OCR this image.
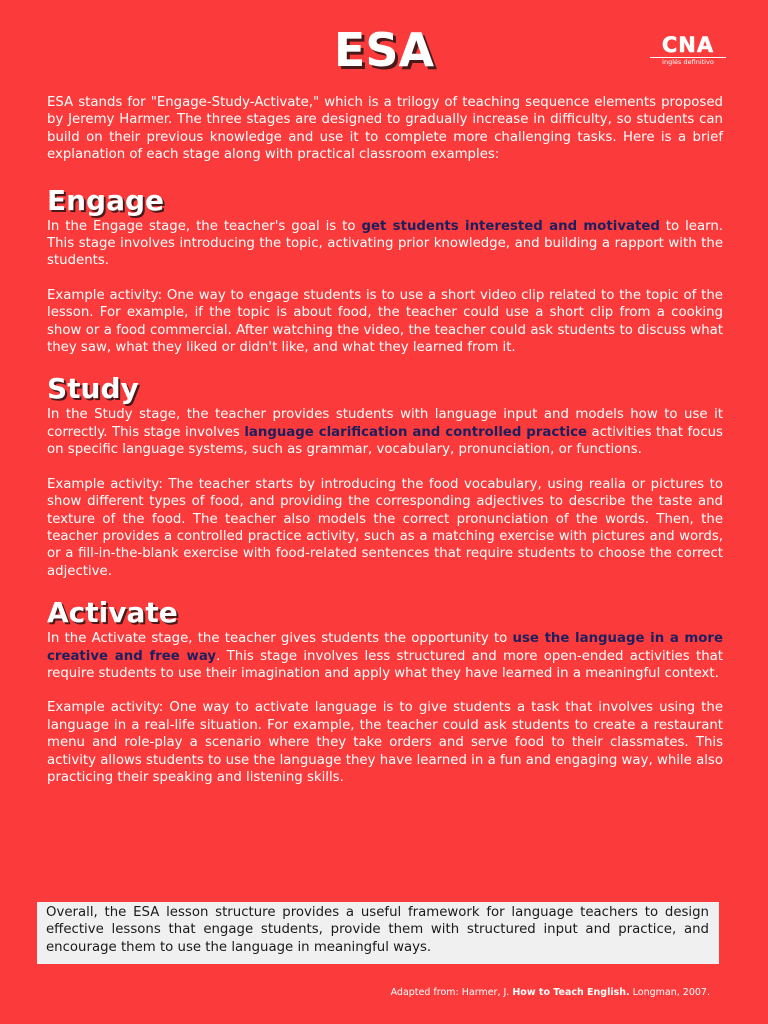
ESA	CNA
inglés definitivo

ESA stands for "Engage-Study-Activate," which is a trilogy of teaching sequence elements proposed by Jeremy Harmer. The three stages are designed to gradually increase in difficulty, so students can build on their previous knowledge and use it to complete more challenging tasks. Here is a brief explanation of each stage along with practical classroom examples:

Engage

In the Engage stage, the teacher's goal is to get students interested and motivated to learn. This stage involves introducing the topic, activating prior knowledge, and building a rapport with the students.

Example activity: One way to engage students is to use a short video clip related to the topic of the lesson. For example, if the topic is about food, the teacher could use a short clip from a cooking show or a food commercial. After watching the video, the teacher could ask students to discuss what they saw, what they liked or didn't like, and what they learned from it.

Study

In the Study stage, the teacher provides students with language input and models how to use it correctly. This stage involves language clarification and controlled practice activities that focus on specific language systems, such as grammar, vocabulary, pronunciation, or functions.

Example activity: The teacher starts by introducing the food vocabulary, using realia or pictures to show different types of food, and providing the corresponding adjectives to describe the taste and texture of the food. The teacher also models the correct pronunciation of the words. Then, the teacher provides a controlled practice activity, such as a matching exercise with pictures and words, or a fill-in-the-blank exercise with food-related sentences that require students to choose the correct adjective.

Activate

In the Activate stage, the teacher gives students the opportunity to use the language in a more creative and free way. This stage involves less structured and more open-ended activities that require students to use their imagination and apply what they have learned in a meaningful context.

Example activity: One way to activate language is to give students a task that involves using the language in a real-life situation. For example, the teacher could ask students to create a restaurant menu and role-play a scenario where they take orders and serve food to their classmates. This activity allows students to use the language they have learned in a fun and engaging way, while also practicing their speaking and listening skills.

Overall, the ESA lesson structure provides a useful framework for language teachers to design effective lessons that engage students, provide them with structured input and practice, and encourage them to use the language in meaningful ways.

Adapted from: Harmer, J. How to Teach English. Longman, 2007.
